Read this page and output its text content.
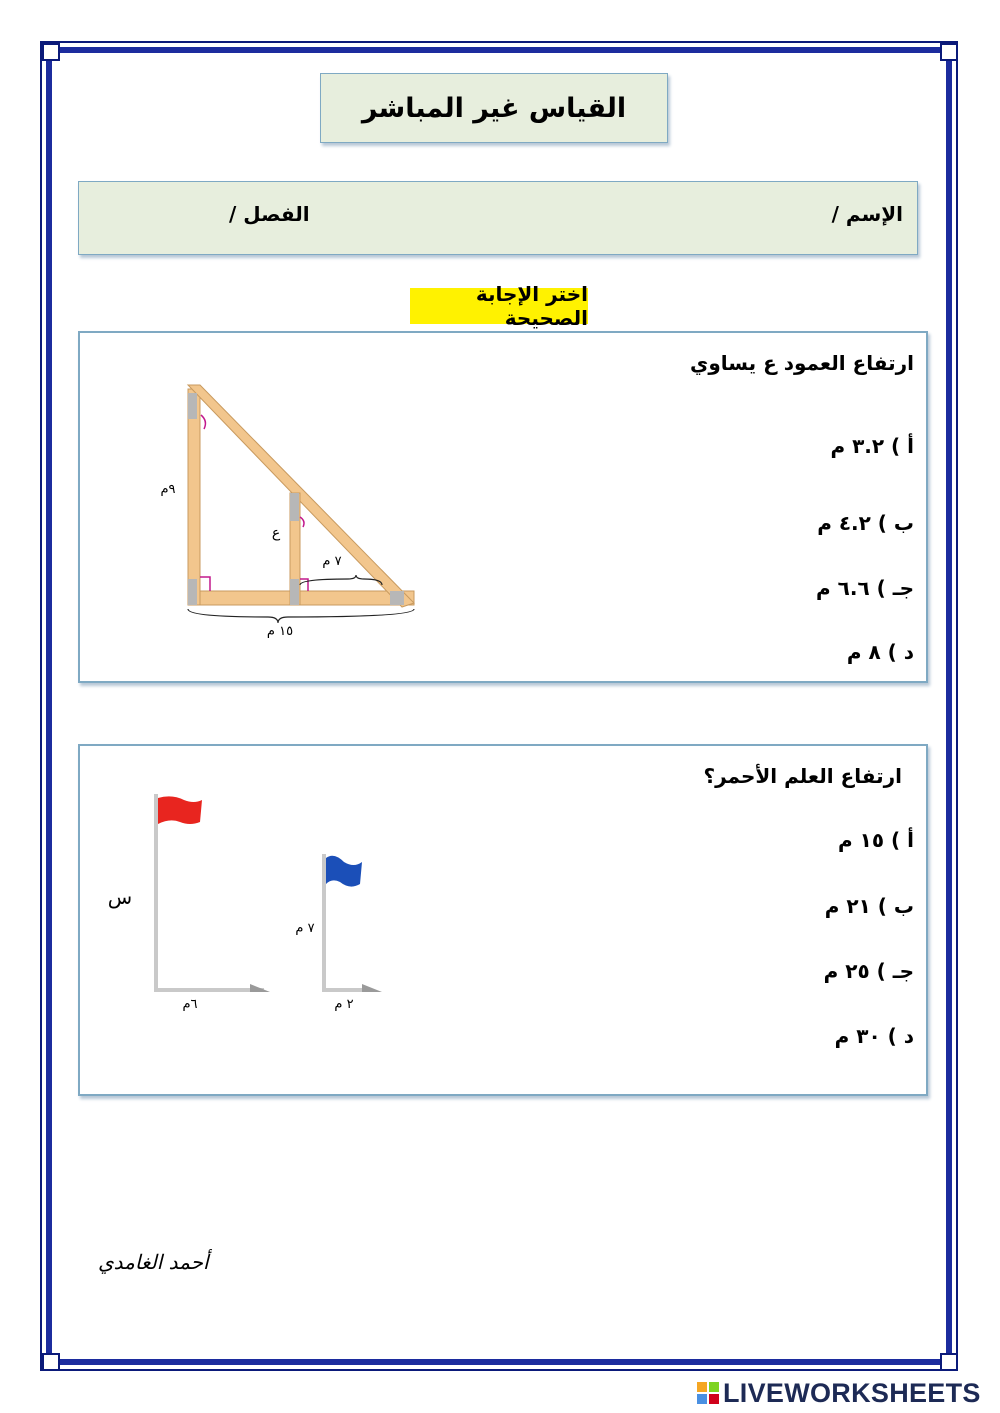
القياس غير المباشر
الإسم /
الفصل /
اختر الإجابة الصحيحة
ارتفاع العمود ع يساوي
أ ) ٣.٢ م
ب ) ٤.٢ م
جـ ) ٦.٦ م
د ) ٨ م
٩م
ع
٧ م
١٥ م
ارتفاع العلم الأحمر؟
أ ) ١٥ م
ب ) ٢١ م
جـ ) ٢٥ م
د ) ٣٠ م
س
٦م
٧ م
٢ م
أحمد الغامدي
LIVEWORKSHEETS
